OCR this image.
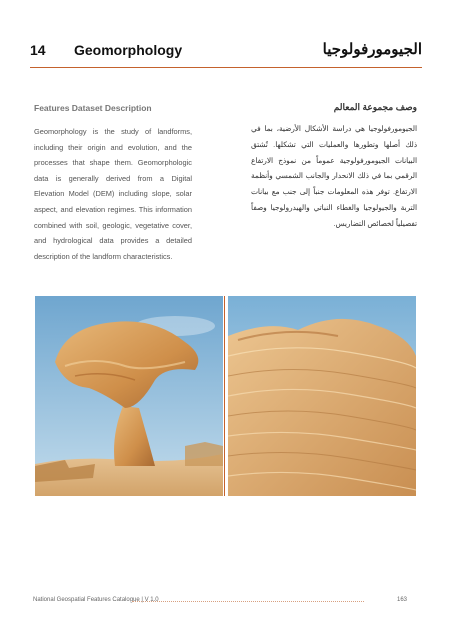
14 Geomorphology	الجيومورفولوجيا
Features Dataset Description	وصف مجموعة المعالم

Geomorphology is the study of landforms, including their origin and evolution, and the processes that shape them. Geomorphologic data is generally derived from a Digital Elevation Model (DEM) including slope, solar aspect, and elevation regimes. This information combined with soil, geologic, vegetative cover, and hydrological data provides a detailed description of the landform characteristics.

الجيومورفولوجيا هي دراسة الأشكال الأرضية، بما في ذلك أصلها وتطورها والعمليات التي تشكلها. تُشتق البيانات الجيومورفولوجية عموماً من نموذج الارتفاع الرقمي بما في ذلك الانحدار والجانب الشمسي وأنظمة الارتفاع. توفر هذه المعلومات جنباً إلى جنب مع بيانات التربة والجيولوجيا والغطاء النباتي والهيدرولوجيا وصفاً تفصيلياً لخصائص التضاريس.

National Geospatial Features Catalogue | V 1.0	163
